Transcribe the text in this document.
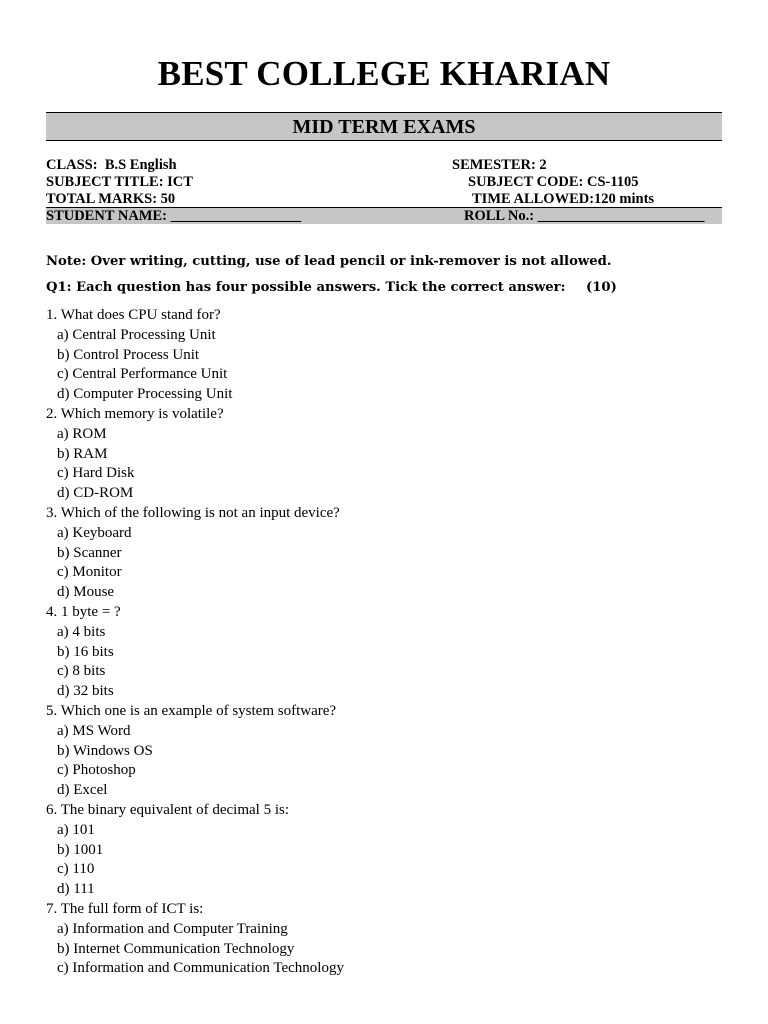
BEST COLLEGE KHARIAN
MID TERM EXAMS
CLASS:  B.S English	SEMESTER: 2
SUBJECT TITLE: ICT	SUBJECT CODE: CS-1105
TOTAL MARKS: 50	TIME ALLOWED:120 mints
STUDENT NAME: __________________	ROLL No.: _______________________
Note: Over writing, cutting, use of lead pencil or ink-remover is not allowed.
Q1: Each question has four possible answers. Tick the correct answer: (10)
1. What does CPU stand for?
a) Central Processing Unit
b) Control Process Unit
c) Central Performance Unit
d) Computer Processing Unit
2. Which memory is volatile?
a) ROM
b) RAM
c) Hard Disk
d) CD-ROM
3. Which of the following is not an input device?
a) Keyboard
b) Scanner
c) Monitor
d) Mouse
4. 1 byte = ?
a) 4 bits
b) 16 bits
c) 8 bits
d) 32 bits
5. Which one is an example of system software?
a) MS Word
b) Windows OS
c) Photoshop
d) Excel
6. The binary equivalent of decimal 5 is:
a) 101
b) 1001
c) 110
d) 111
7. The full form of ICT is:
a) Information and Computer Training
b) Internet Communication Technology
c) Information and Communication Technology
